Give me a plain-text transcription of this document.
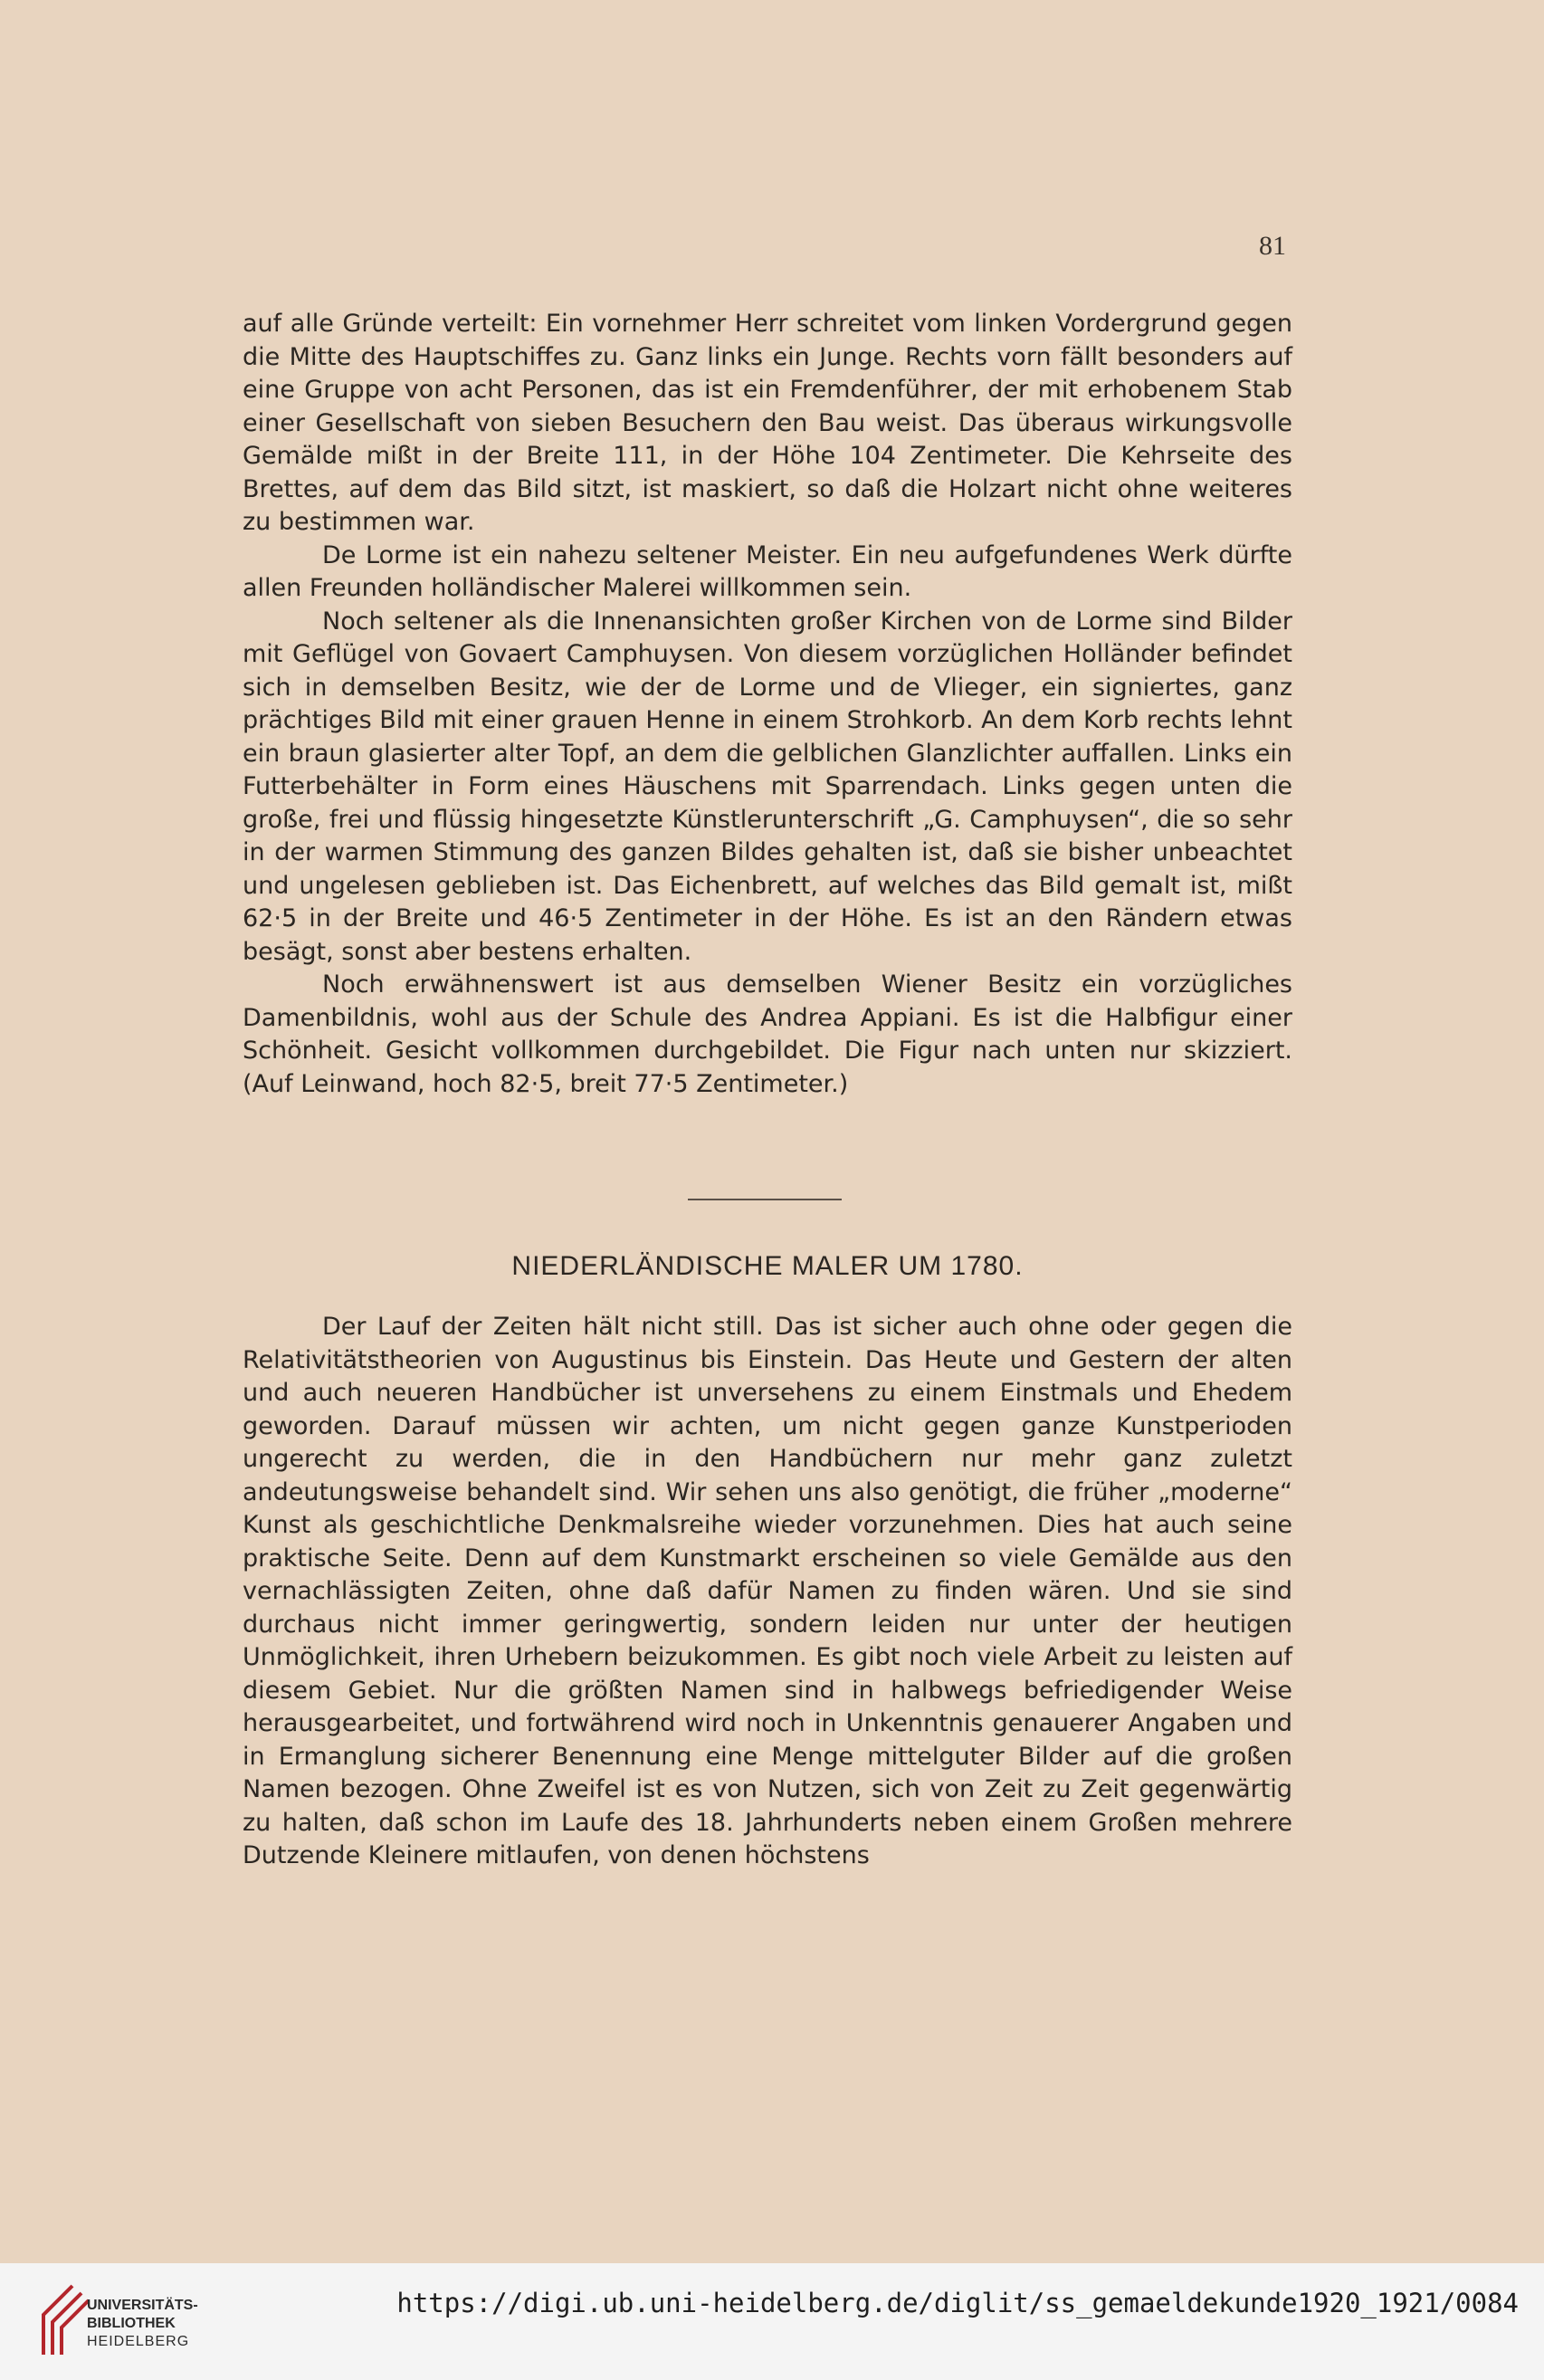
81

auf alle Gründe verteilt: Ein vornehmer Herr schreitet vom linken Vordergrund gegen die Mitte des Hauptschiffes zu. Ganz links ein Junge. Rechts vorn fällt besonders auf eine Gruppe von acht Personen, das ist ein Fremdenführer, der mit erhobenem Stab einer Gesellschaft von sieben Besuchern den Bau weist. Das überaus wirkungsvolle Gemälde mißt in der Breite 111, in der Höhe 104 Zentimeter. Die Kehrseite des Brettes, auf dem das Bild sitzt, ist maskiert, so daß die Holzart nicht ohne weiteres zu bestimmen war.

De Lorme ist ein nahezu seltener Meister. Ein neu aufgefundenes Werk dürfte allen Freunden holländischer Malerei willkommen sein.

Noch seltener als die Innenansichten großer Kirchen von de Lorme sind Bilder mit Geflügel von Govaert Camphuysen. Von diesem vorzüglichen Holländer befindet sich in demselben Besitz, wie der de Lorme und de Vlieger, ein signiertes, ganz prächtiges Bild mit einer grauen Henne in einem Strohkorb. An dem Korb rechts lehnt ein braun glasierter alter Topf, an dem die gelblichen Glanzlichter auffallen. Links ein Futterbehälter in Form eines Häuschens mit Sparrendach. Links gegen unten die große, frei und flüssig hingesetzte Künstlerunterschrift „G. Camphuysen“, die so sehr in der warmen Stimmung des ganzen Bildes gehalten ist, daß sie bisher unbeachtet und ungelesen geblieben ist. Das Eichenbrett, auf welches das Bild gemalt ist, mißt 62·5 in der Breite und 46·5 Zentimeter in der Höhe. Es ist an den Rändern etwas besägt, sonst aber bestens erhalten.

Noch erwähnenswert ist aus demselben Wiener Besitz ein vorzügliches Damenbildnis, wohl aus der Schule des Andrea Appiani. Es ist die Halbfigur einer Schönheit. Gesicht vollkommen durchgebildet. Die Figur nach unten nur skizziert. (Auf Leinwand, hoch 82·5, breit 77·5 Zentimeter.)

NIEDERLÄNDISCHE MALER UM 1780.

Der Lauf der Zeiten hält nicht still. Das ist sicher auch ohne oder gegen die Relativitätstheorien von Augustinus bis Einstein. Das Heute und Gestern der alten und auch neueren Handbücher ist unversehens zu einem Einstmals und Ehedem geworden. Darauf müssen wir achten, um nicht gegen ganze Kunstperioden ungerecht zu werden, die in den Handbüchern nur mehr ganz zuletzt andeutungsweise behandelt sind. Wir sehen uns also genötigt, die früher „moderne“ Kunst als geschichtliche Denkmalsreihe wieder vorzunehmen. Dies hat auch seine praktische Seite. Denn auf dem Kunstmarkt erscheinen so viele Gemälde aus den vernachlässigten Zeiten, ohne daß dafür Namen zu finden wären. Und sie sind durchaus nicht immer geringwertig, sondern leiden nur unter der heutigen Unmöglichkeit, ihren Urhebern beizukommen. Es gibt noch viele Arbeit zu leisten auf diesem Gebiet. Nur die größten Namen sind in halbwegs befriedigender Weise herausgearbeitet, und fortwährend wird noch in Unkenntnis genauerer Angaben und in Ermanglung sicherer Benennung eine Menge mittelguter Bilder auf die großen Namen bezogen. Ohne Zweifel ist es von Nutzen, sich von Zeit zu Zeit gegenwärtig zu halten, daß schon im Laufe des 18. Jahrhunderts neben einem Großen mehrere Dutzende Kleinere mitlaufen, von denen höchstens

UNIVERSITÄTS-
BIBLIOTHEK
HEIDELBERG
https://digi.ub.uni-heidelberg.de/diglit/ss_gemaeldekunde1920_1921/0084
